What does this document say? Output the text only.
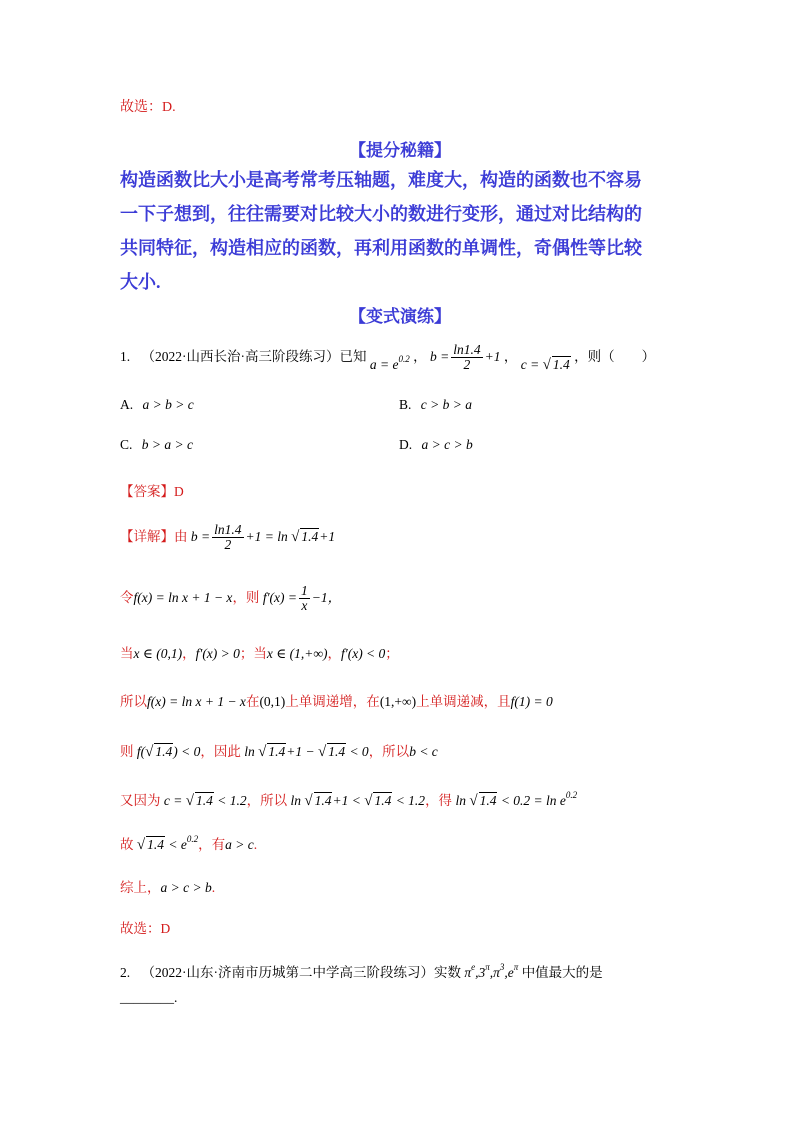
故选：D.
【提分秘籍】
构造函数比大小是高考常考压轴题，难度大，构造的函数也不容易
一下子想到，往往需要对比较大小的数进行变形，通过对比结构的
共同特征，构造相应的函数，再利用函数的单调性，奇偶性等比较
大小.
【变式演练】
1. （2022·山西长治·高三阶段练习）已知 $a = e^{0.2}$ ， $b = \frac{\ln 1.4}{2} +1$ ， c = √ 1.4 ，则（　　）
A. a > b > c	B. c > b > a
C. b > a > c	D. a > c > b
【答案】D
【详解】由 $b = \frac{\ln 1.4}{2} +1 = \ln$ √ 1.4+1
令f(x) = ln x + 1 − x，则 $f'(x) = \frac{1}{x} -1$，
当x ∈ (0,1)，f′(x) > 0；当x ∈ (1,+∞)，f′(x) < 0；
所以f(x) = ln x + 1 − x在(0,1)上单调递增，在(1,+∞)上单调递减，且f(1) = 0
则 f(√ 1.4) < 0，因此 ln √ 1.4+1 − √ 1.4 < 0，所以b < c
又因为 c = √ 1.4 < 1.2，所以 ln √ 1.4+1 < √ 1.4 < 1.2，得 ln √ $1.4 < 0.2 = \ln e^{0.2}$
故 √ $1.4 < e^{0.2}$，有a > c.
综上，a > c > b.
故选：D
2. （2022·山东·济南市历城第二中学高三阶段练习）实数 $\pi^e,3^\pi,\pi^3,e^\pi$ 中值最大的是
________.
